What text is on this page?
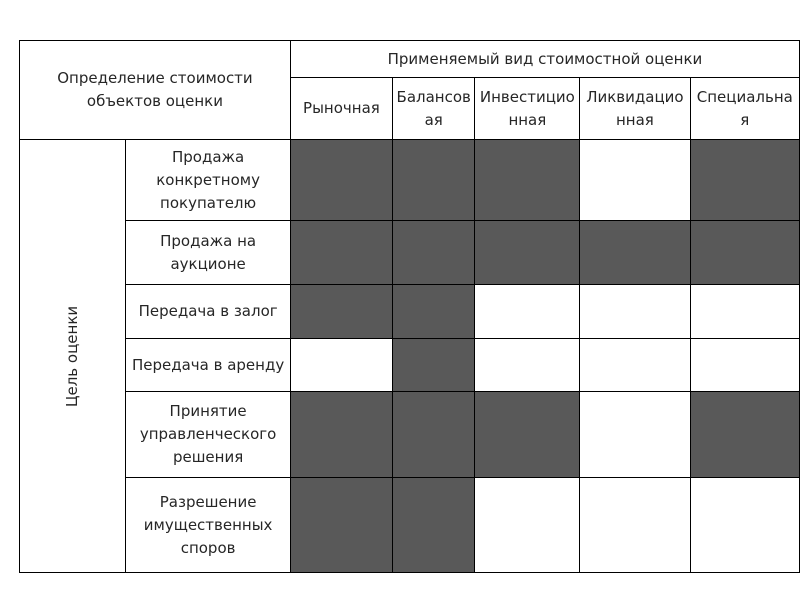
Определение стоимости объектов оценки		Применяемый вид стоимостной оценки				

		Рыночная	Балансовая	Инвестиционная	Ликвидационная	Специальная

Цель оценки	Продажа конкретному покупателю					
	Продажа на аукционе					
	Передача в залог					
	Передача в аренду					
	Принятие управленческого решения					
	Разрешение имущественных споров					
